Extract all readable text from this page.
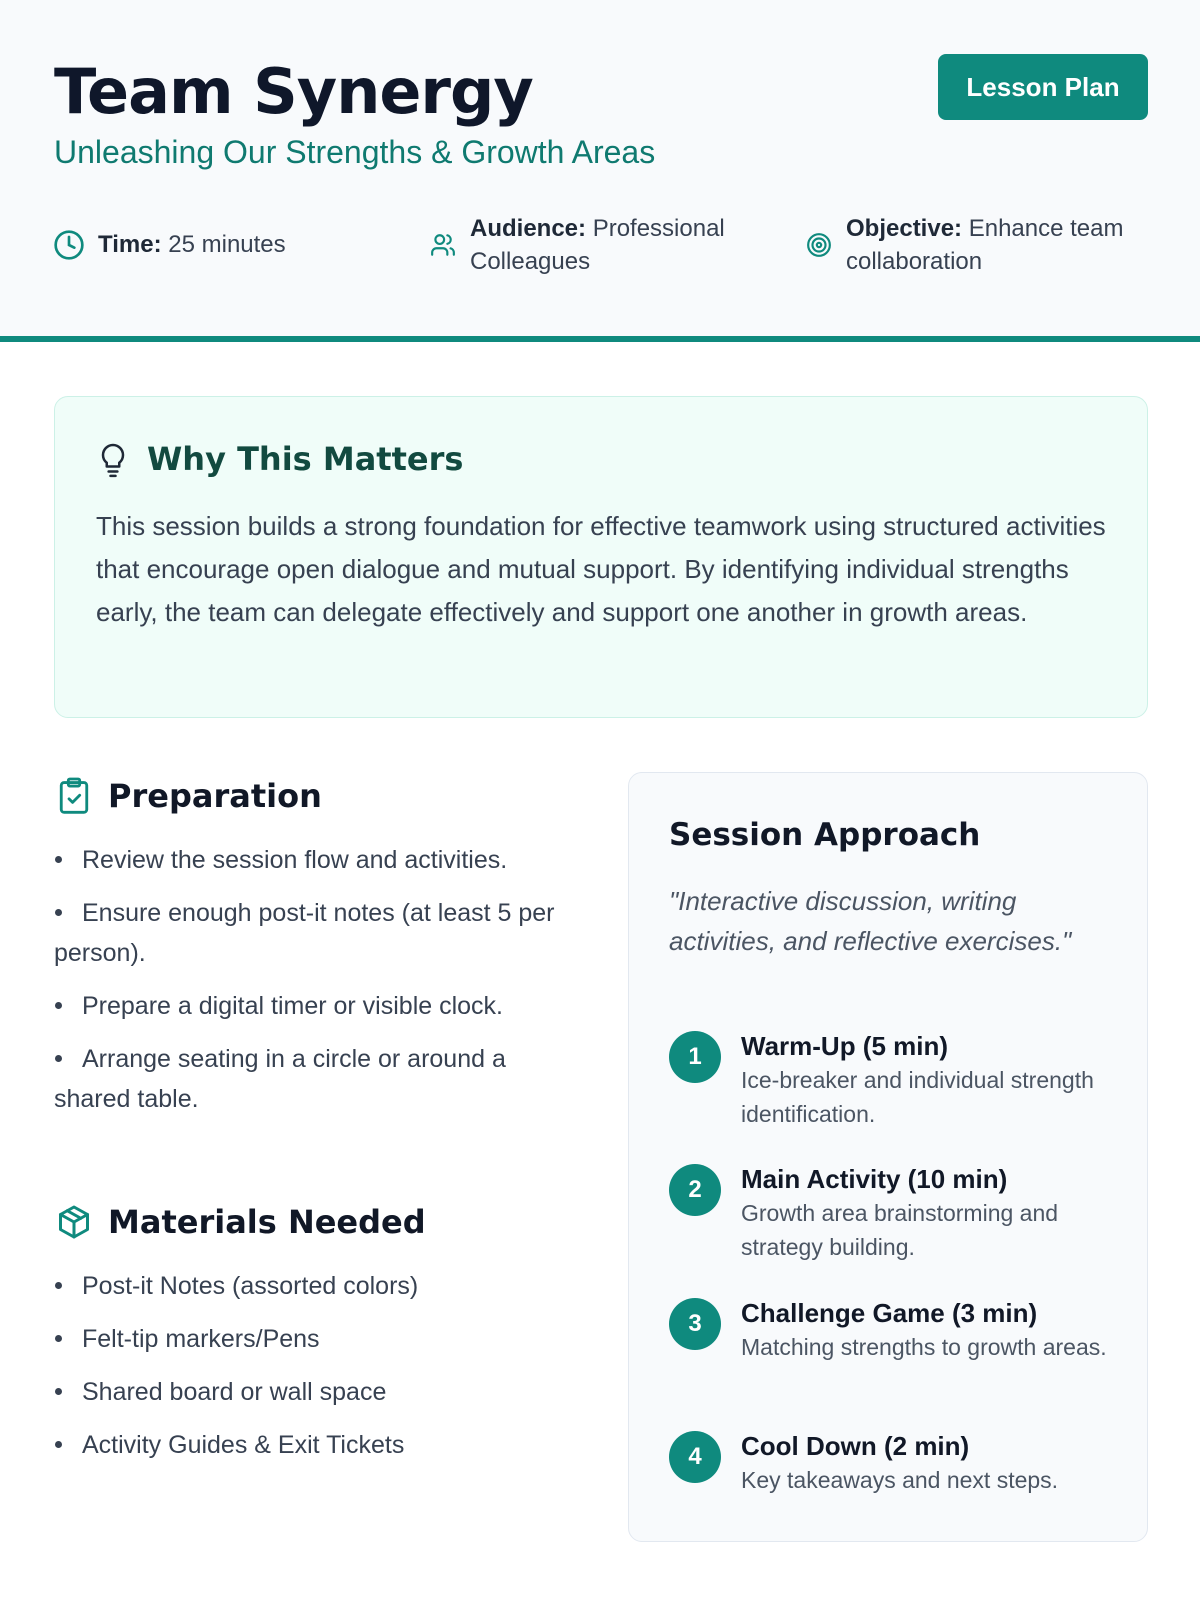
Team Synergy
Unleashing Our Strengths & Growth Areas
Lesson Plan
Time: 25 minutes
Audience: Professional Colleagues
Objective: Enhance team collaboration
Why This Matters
This session builds a strong foundation for effective teamwork using structured activities that encourage open dialogue and mutual support. By identifying individual strengths early, the team can delegate effectively and support one another in growth areas.
Preparation
Review the session flow and activities.
Ensure enough post-it notes (at least 5 per person).
Prepare a digital timer or visible clock.
Arrange seating in a circle or around a shared table.
Materials Needed
Post-it Notes (assorted colors)
Felt-tip markers/Pens
Shared board or wall space
Activity Guides & Exit Tickets
Session Approach
"Interactive discussion, writing activities, and reflective exercises."
1	Warm-Up (5 min)
Ice-breaker and individual strength identification.
2	Main Activity (10 min)
Growth area brainstorming and strategy building.
3	Challenge Game (3 min)
Matching strengths to growth areas.
4	Cool Down (2 min)
Key takeaways and next steps.
